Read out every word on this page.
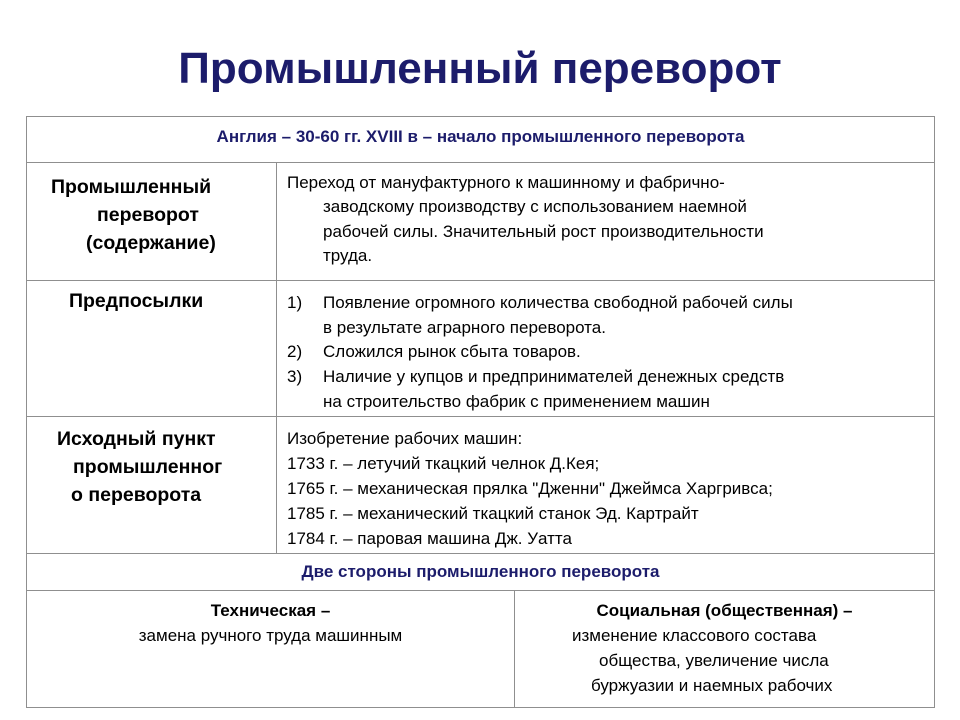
Промышленный переворот
Англия – 30-60 гг. XVIII в – начало промышленного переворота
Промышленный
переворот
(содержание)
Переход от мануфактурного к машинному и фабрично-
заводскому производству с использованием наемной
рабочей силы. Значительный рост производительности
труда.
Предпосылки	1) Появление огромного количества свободной рабочей силы
в результате аграрного переворота.
2) Сложился рынок сбыта товаров.
3) Наличие у купцов и предпринимателей денежных средств
на строительство фабрик с применением машин
Исходный пункт
промышленног
о переворота
Изобретение рабочих машин:
1733 г. – летучий ткацкий челнок Д.Кея;
1765 г. – механическая прялка "Дженни" Джеймса Харгривса;
1785 г. – механический ткацкий станок Эд. Картрайт
1784 г. – паровая машина Дж. Уатта
Две стороны промышленного переворота
Техническая –
замена ручного труда машинным
Социальная (общественная) –
изменение классового состава
общества, увеличение числа
буржуазии и наемных рабочих
